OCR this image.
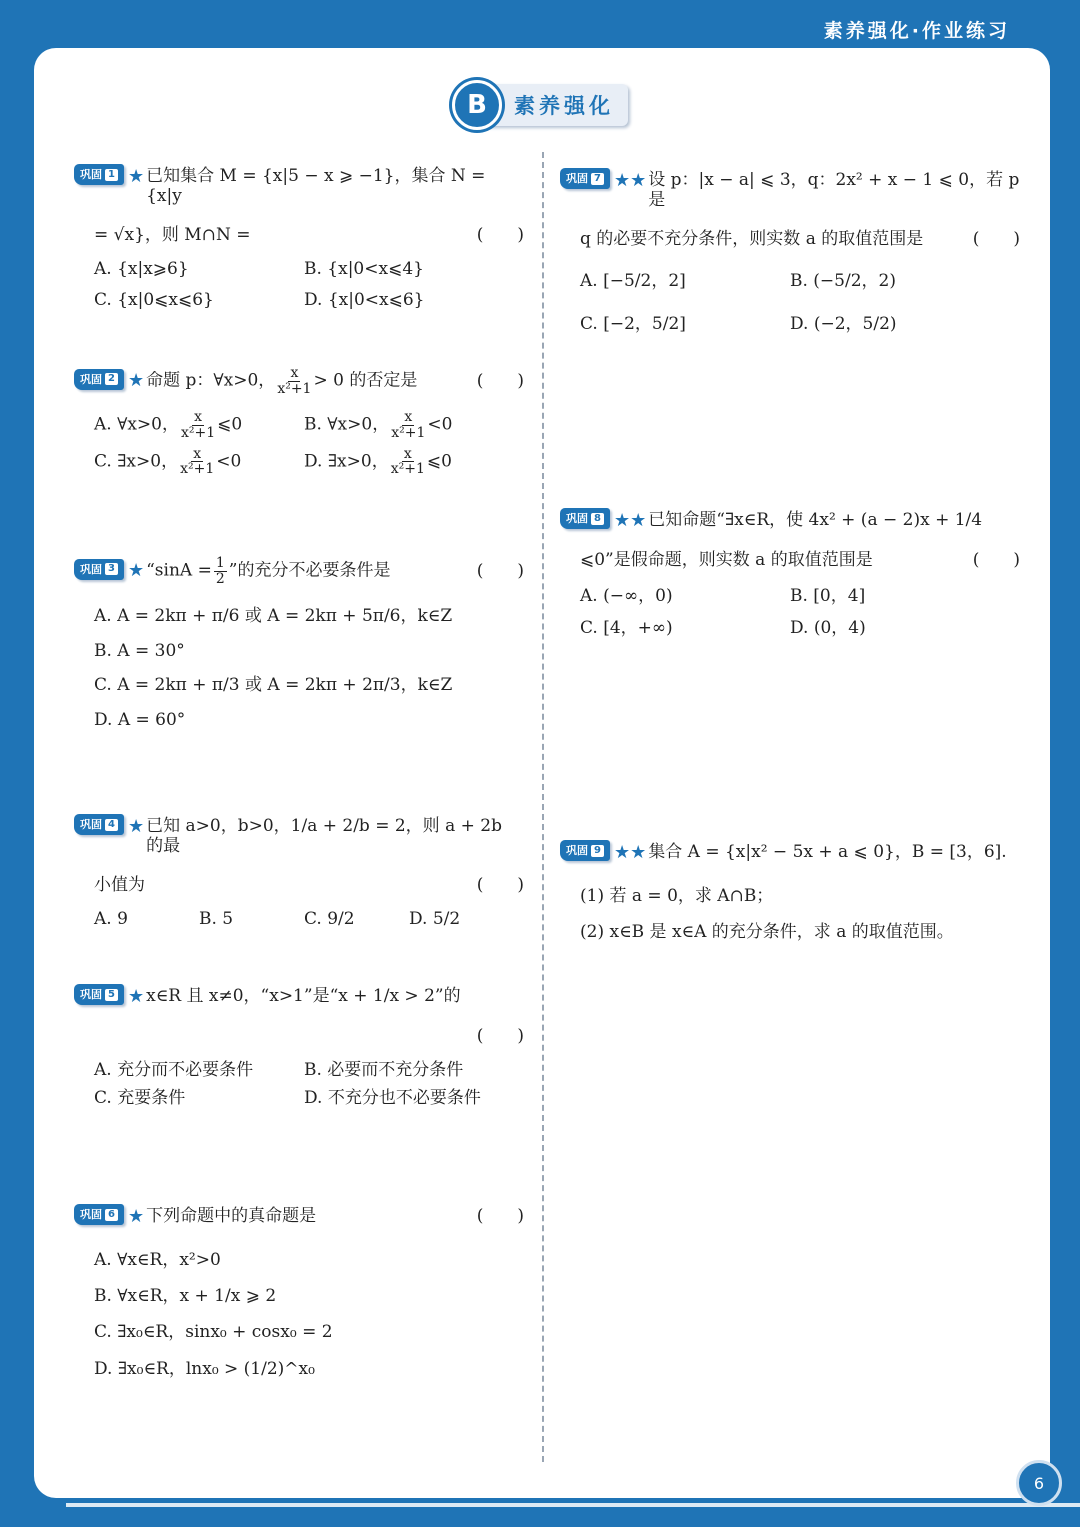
素养强化·作业练习
B	素养强化
巩固 1 ★ 已知集合 M = {x|5 − x ⩾ −1}，集合 N = {x|y
= √x}，则 M∩N =	(　　)
A. {x|x⩾6}	B. {x|0<x⩽4}
C. {x|0⩽x⩽6}	D. {x|0<x⩽6}
巩固 2 ★ 命题 p：∀x>0， $\frac{x}{\text{x²+1}} > 0$ 的否定是	(　　)
A. ∀x>0， $\frac{x}{\text{x²+1}}$ ⩽0	B. ∀x>0， $\frac{x}{\text{x²+1}} <0$
C. ∃x>0， $\frac{x}{\text{x²+1}} <0$	D. ∃x>0， $\frac{x}{\text{x²+1}}$ ⩽0
巩固 3 ★ “$\sin A = \frac{1}{2}$ ”的充分不必要条件是	(　　)
A. A = 2kπ + π/6 或 A = 2kπ + 5π/6，k∈Z
B. A = 30°
C. A = 2kπ + π/3 或 A = 2kπ + 2π/3，k∈Z
D. A = 60°
巩固 4 ★ 已知 a>0，b>0，1/a + 2/b = 2，则 a + 2b 的最
小值为	(　　)
A. 9	B. 5	C. 9/2	D. 5/2
巩固 5 ★ x∈R 且 x≠0，“x>1”是“x + 1/x > 2”的
(　　)
A. 充分而不必要条件	B. 必要而不充分条件
C. 充要条件	D. 不充分也不必要条件
巩固 6 ★ 下列命题中的真命题是	(　　)
A. ∀x∈R，x²>0
B. ∀x∈R，x + 1/x ⩾ 2
C. ∃x₀∈R，sinx₀ + cosx₀ = 2
D. ∃x₀∈R，lnx₀ > (1/2)^x₀
巩固 7 ★★ 设 p：|x − a| ⩽ 3，q：2x² + x − 1 ⩽ 0，若 p 是
q 的必要不充分条件，则实数 a 的取值范围是	(　　)
A. [−5/2，2]	B. (−5/2，2)
C. [−2，5/2]	D. (−2，5/2)
巩固 8 ★★ 已知命题“∃x∈R，使 4x² + (a − 2)x + 1/4
⩽0”是假命题，则实数 a 的取值范围是	(　　)
A. (−∞，0)	B. [0，4]
C. [4，+∞)	D. (0，4)
巩固 9 ★★ 集合 A = {x|x² − 5x + a ⩽ 0}，B = [3，6].
(1) 若 a = 0，求 A∩B；
(2) x∈B 是 x∈A 的充分条件，求 a 的取值范围。
6
